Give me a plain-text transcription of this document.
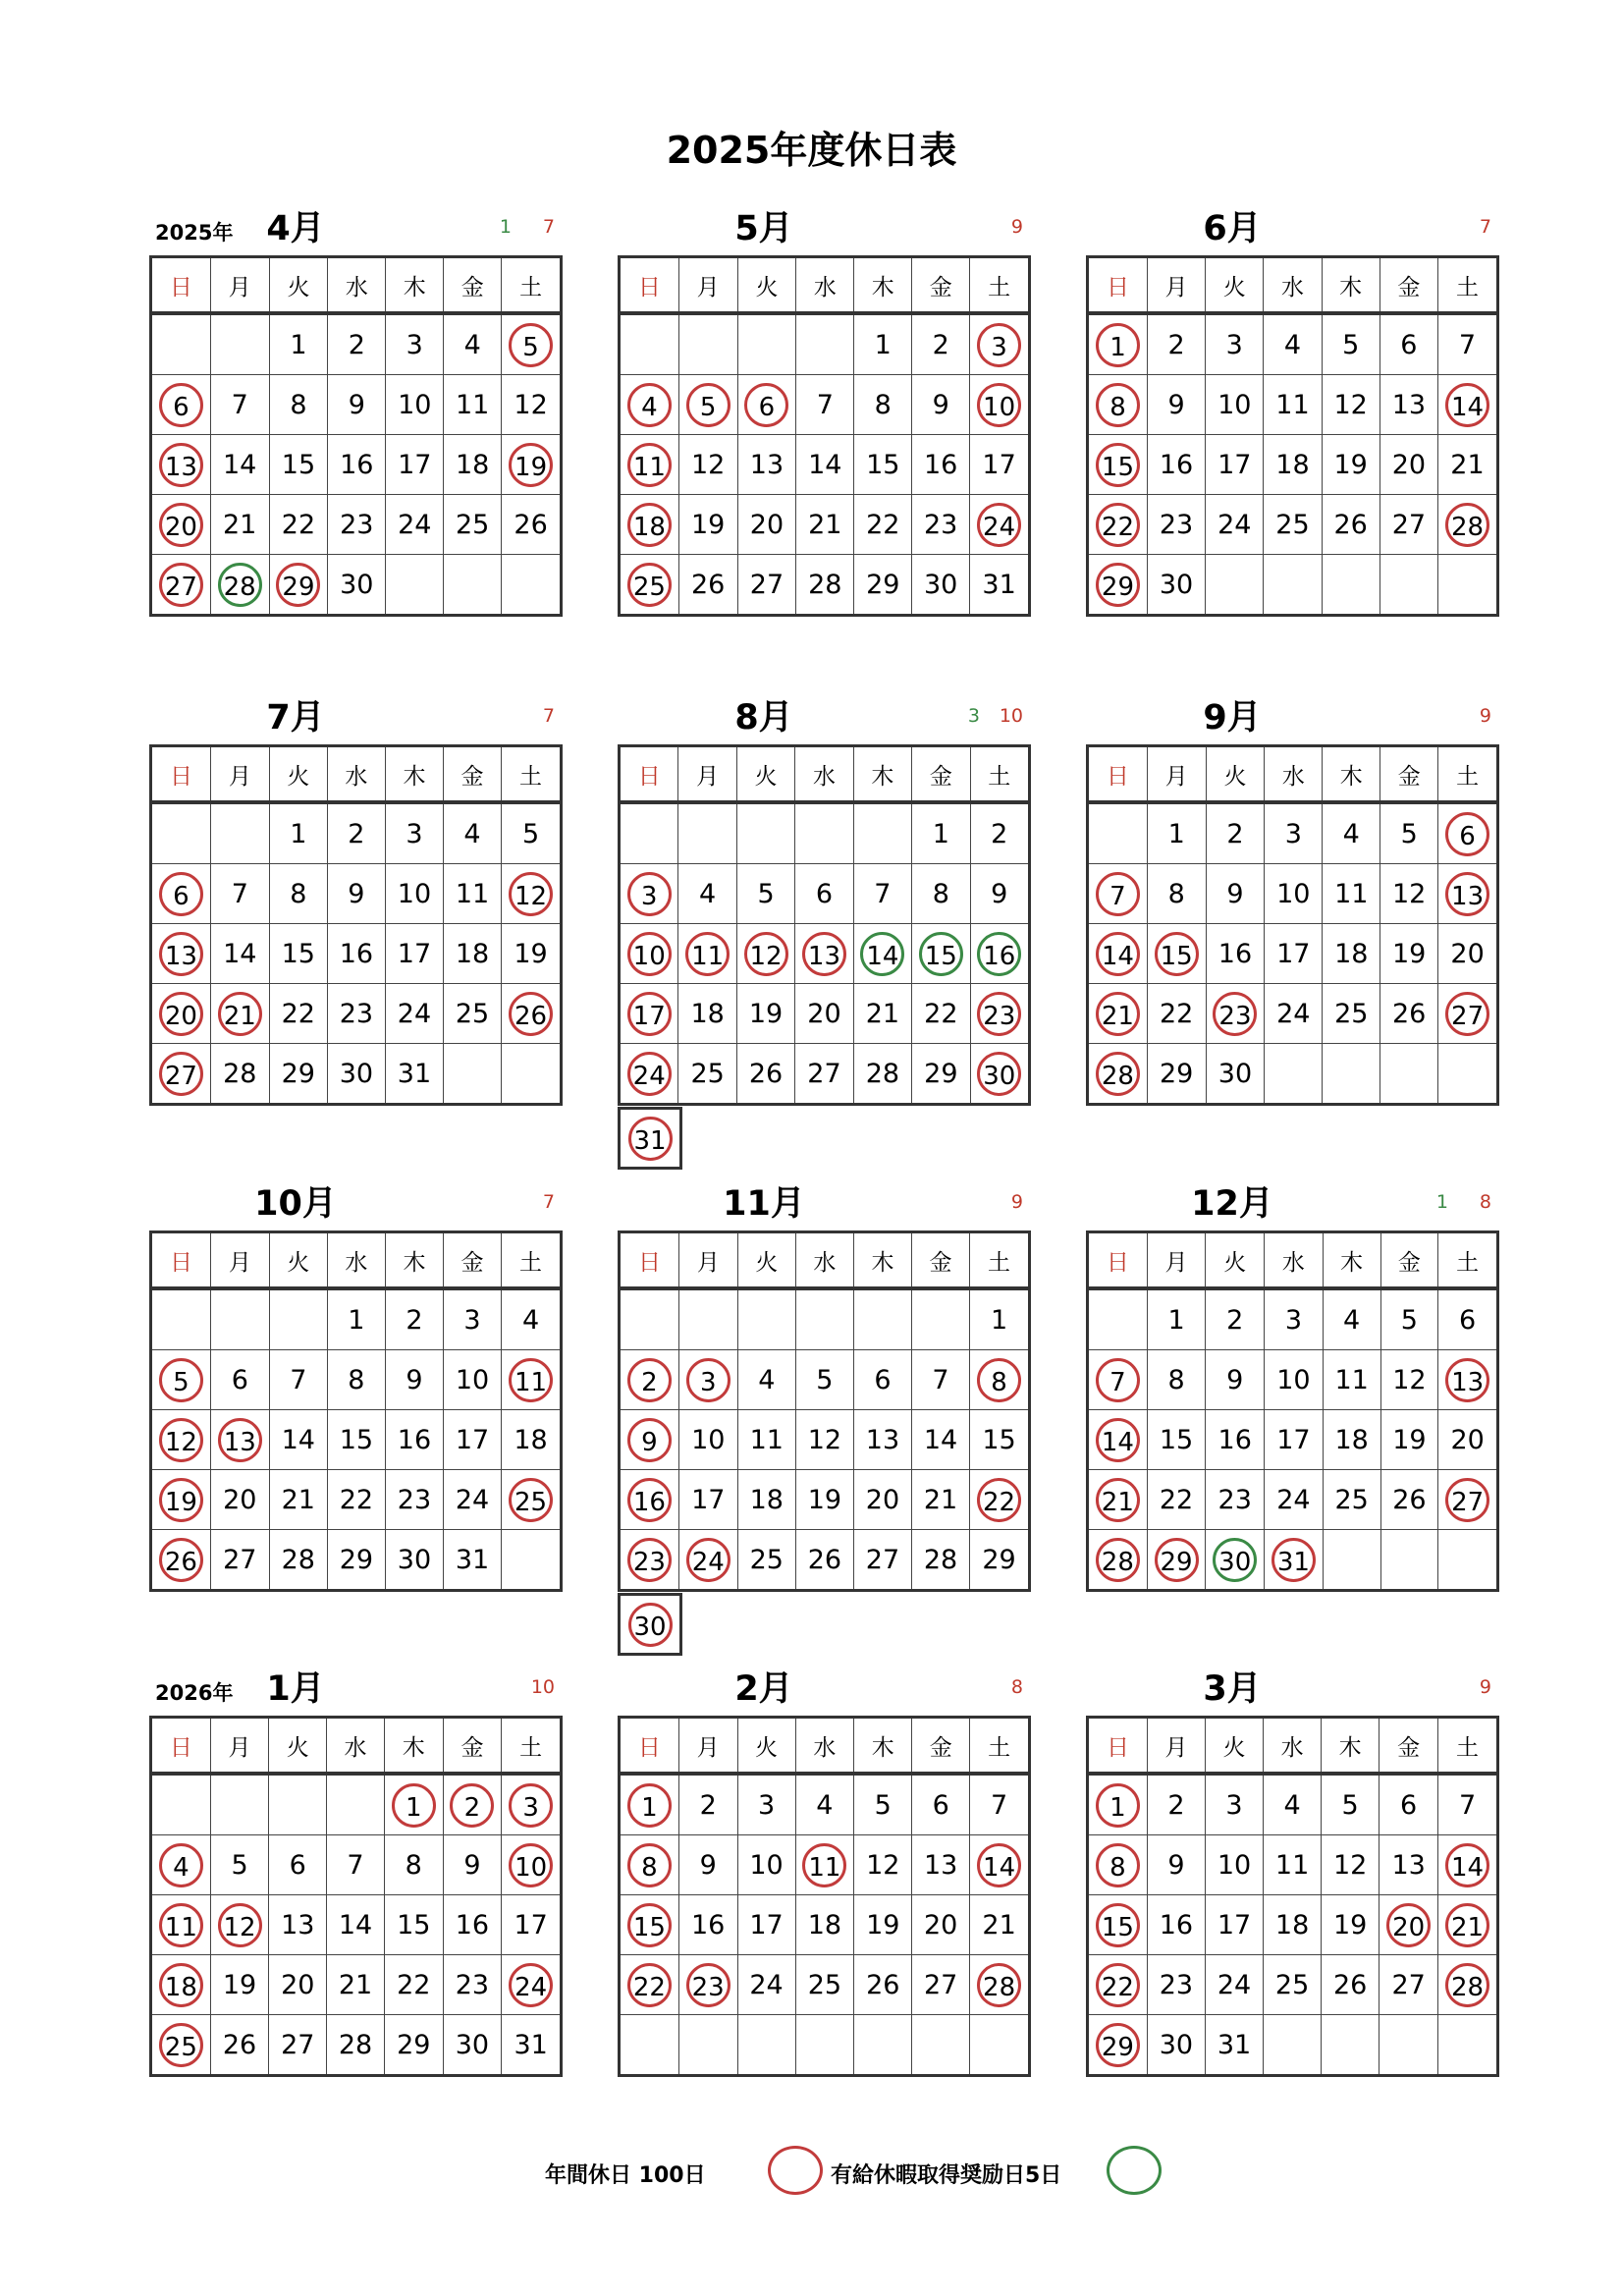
2025年度休日表
2025年 4月	1 7
日	月	火	水	木	金	土
		1	2	3	4	5
6	7	8	9	10	11	12
13	14	15	16	17	18	19
20	21	22	23	24	25	26
27	28	29	30			
5月	9
日	月	火	水	木	金	土
				1	2	3
4	5	6	7	8	9	10
11	12	13	14	15	16	17
18	19	20	21	22	23	24
25	26	27	28	29	30	31
6月	7
日	月	火	水	木	金	土
1	2	3	4	5	6	7
8	9	10	11	12	13	14
15	16	17	18	19	20	21
22	23	24	25	26	27	28
29	30					
7月	7
日	月	火	水	木	金	土
		1	2	3	4	5
6	7	8	9	10	11	12
13	14	15	16	17	18	19
20	21	22	23	24	25	26
27	28	29	30	31		
8月	3 10
日	月	火	水	木	金	土
					1	2
3	4	5	6	7	8	9
10	11	12	13	14	15	16
17	18	19	20	21	22	23
24	25	26	27	28	29	30
31
9月	9
日	月	火	水	木	金	土
	1	2	3	4	5	6
7	8	9	10	11	12	13
14	15	16	17	18	19	20
21	22	23	24	25	26	27
28	29	30				
10月	7
日	月	火	水	木	金	土
			1	2	3	4
5	6	7	8	9	10	11
12	13	14	15	16	17	18
19	20	21	22	23	24	25
26	27	28	29	30	31	
11月	9
日	月	火	水	木	金	土
						1
2	3	4	5	6	7	8
9	10	11	12	13	14	15
16	17	18	19	20	21	22
23	24	25	26	27	28	29
30
12月	1 8
日	月	火	水	木	金	土
	1	2	3	4	5	6
7	8	9	10	11	12	13
14	15	16	17	18	19	20
21	22	23	24	25	26	27
28	29	30	31			
2026年 1月	10
日	月	火	水	木	金	土
				1	2	3
4	5	6	7	8	9	10
11	12	13	14	15	16	17
18	19	20	21	22	23	24
25	26	27	28	29	30	31
2月	8
日	月	火	水	木	金	土
1	2	3	4	5	6	7
8	9	10	11	12	13	14
15	16	17	18	19	20	21
22	23	24	25	26	27	28

3月	9
日	月	火	水	木	金	土
1	2	3	4	5	6	7
8	9	10	11	12	13	14
15	16	17	18	19	20	21
22	23	24	25	26	27	28
29	30	31				
年間休日 100日	有給休暇取得奨励日5日
